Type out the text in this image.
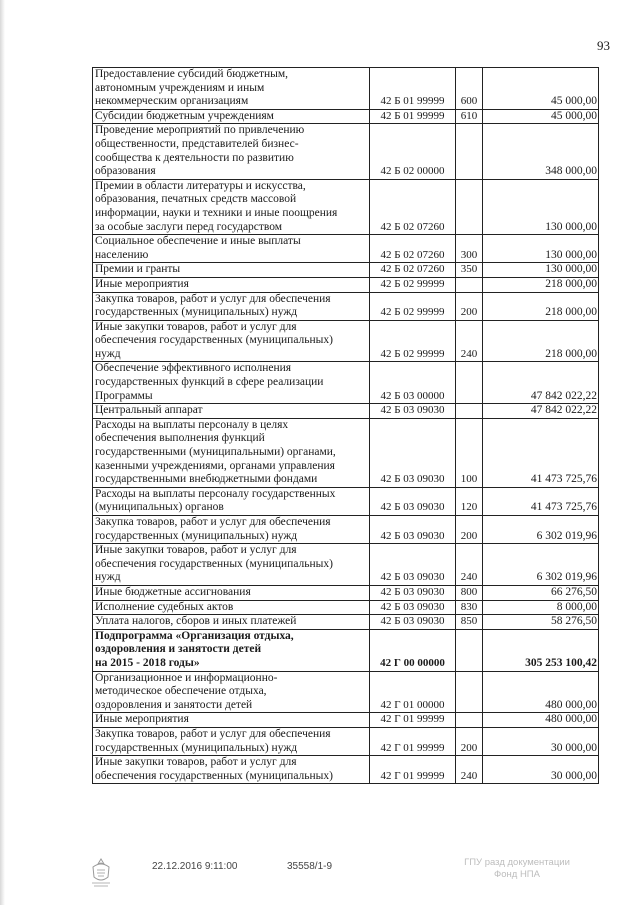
93
Предоставление субсидий бюджетным,
автономным учреждениям и иным
некоммерческим организациям	42 Б 01 99999	600	45 000,00
Субсидии бюджетным учреждениям	42 Б 01 99999	610	45 000,00
Проведение мероприятий по привлечению
общественности, представителей бизнес-
сообщества к деятельности по развитию
образования	42 Б 02 00000		348 000,00
Премии в области литературы и искусства,
образования, печатных средств массовой
информации, науки и техники и иные поощрения
за особые заслуги перед государством	42 Б 02 07260		130 000,00
Социальное обеспечение и иные выплаты
населению	42 Б 02 07260	300	130 000,00
Премии и гранты	42 Б 02 07260	350	130 000,00
Иные мероприятия	42 Б 02 99999		218 000,00
Закупка товаров, работ и услуг для обеспечения
государственных (муниципальных) нужд	42 Б 02 99999	200	218 000,00
Иные закупки товаров, работ и услуг для
обеспечения государственных (муниципальных)
нужд	42 Б 02 99999	240	218 000,00
Обеспечение эффективного исполнения
государственных функций в сфере реализации
Программы	42 Б 03 00000		47 842 022,22
Центральный аппарат	42 Б 03 09030		47 842 022,22
Расходы на выплаты персоналу в целях
обеспечения выполнения функций
государственными (муниципальными) органами,
казенными учреждениями, органами управления
государственными внебюджетными фондами	42 Б 03 09030	100	41 473 725,76
Расходы на выплаты персоналу государственных
(муниципальных) органов	42 Б 03 09030	120	41 473 725,76
Закупка товаров, работ и услуг для обеспечения
государственных (муниципальных) нужд	42 Б 03 09030	200	6 302 019,96
Иные закупки товаров, работ и услуг для
обеспечения государственных (муниципальных)
нужд	42 Б 03 09030	240	6 302 019,96
Иные бюджетные ассигнования	42 Б 03 09030	800	66 276,50
Исполнение судебных актов	42 Б 03 09030	830	8 000,00
Уплата налогов, сборов и иных платежей	42 Б 03 09030	850	58 276,50
Подпрограмма «Организация отдыха,
оздоровления и занятости детей
на 2015 - 2018 годы»	42 Г 00 00000		305 253 100,42
Организационное и информационно-
методическое обеспечение отдыха,
оздоровления и занятости детей	42 Г 01 00000		480 000,00
Иные мероприятия	42 Г 01 99999		480 000,00
Закупка товаров, работ и услуг для обеспечения
государственных (муниципальных) нужд	42 Г 01 99999	200	30 000,00
Иные закупки товаров, работ и услуг для
обеспечения государственных (муниципальных)	42 Г 01 99999	240	30 000,00
22.12.2016 9:11:00	35558/1-9	ГПУ разд документации
Фонд НПА
